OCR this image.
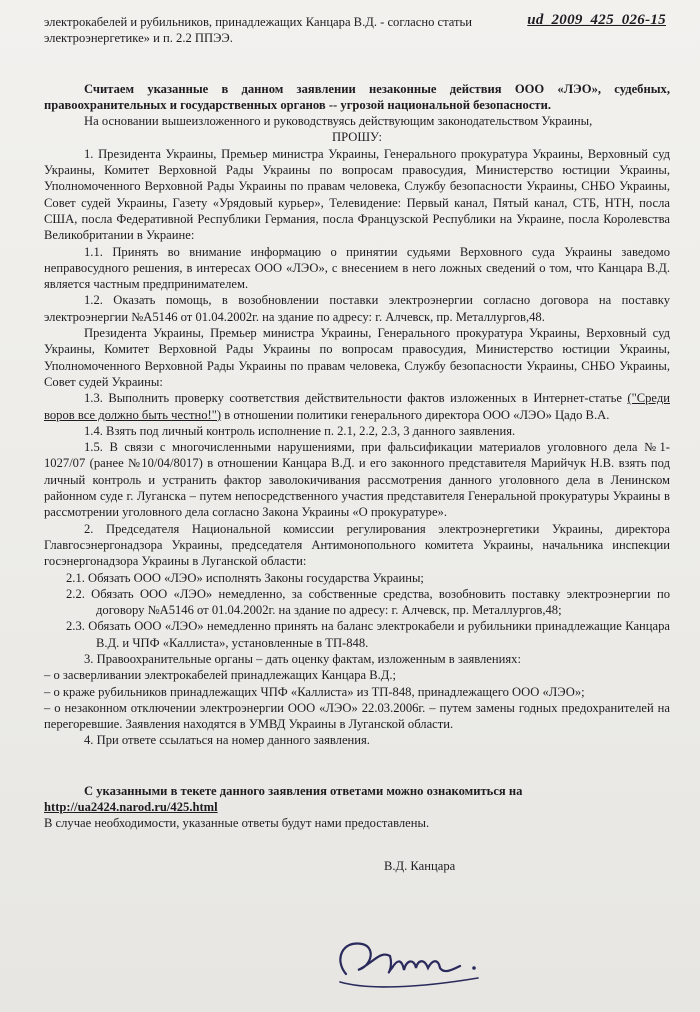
ud_2009_425_026-15

электрокабелей и рубильников, принадлежащих Канцара В.Д. - согласно статьи

электроэнергетике» и п. 2.2 ППЭЭ.

Считаем указанные в данном заявлении незаконные действия ООО «ЛЭО», судебных, правоохранительных и государственных органов -- угрозой национальной безопасности.

На основании вышеизложенного и руководствуясь действующим законодательством Украины,

ПРОШУ:

1. Президента Украины, Премьер министра Украины, Генерального прокуратура Украины, Верховный суд Украины, Комитет Верховной Рады Украины по вопросам правосудия, Министерство юстиции Украины, Уполномоченного Верховной Рады Украины по правам человека, Службу безопасности Украины, СНБО Украины, Совет судей Украины, Газету «Урядовый курьер», Телевидение: Первый канал, Пятый канал, СТБ, НТН, посла США, посла Федеративной Республики Германия, посла Французской Республики на Украине, посла Королевства Великобритании в Украине:

1.1. Принять во внимание информацию о принятии судьями Верховного суда Украины заведомо неправосудного решения, в интересах ООО «ЛЭО», с внесением в него ложных сведений о том, что Канцара В.Д. является частным предпринимателем.

1.2. Оказать помощь, в возобновлении поставки электроэнергии согласно договора на поставку электроэнергии №А5146 от 01.04.2002г. на здание по адресу: г. Алчевск, пр. Металлургов,48.

Президента Украины, Премьер министра Украины, Генерального прокуратура Украины, Верховный суд Украины, Комитет Верховной Рады Украины по вопросам правосудия, Министерство юстиции Украины, Уполномоченного Верховной Рады Украины по правам человека, Службу безопасности Украины, СНБО Украины, Совет судей Украины:

1.3. Выполнить проверку соответствия действительности фактов изложенных в Интернет-статье ("Среди воров все должно быть честно!") в отношении политики генерального директора ООО «ЛЭО» Цадо В.А.

1.4. Взять под личный контроль исполнение п. 2.1, 2.2, 2.3, 3 данного заявления.

1.5. В связи с многочисленными нарушениями, при фальсификации материалов уголовного дела №1-1027/07 (ранее №10/04/8017) в отношении Канцара В.Д. и его законного представителя Марийчук Н.В. взять под личный контроль и устранить фактор заволокичивания рассмотрения данного уголовного дела в Ленинском районном суде г. Луганска – путем непосредственного участия представителя Генеральной прокуратуры Украины в рассмотрении уголовного дела согласно Закона Украины «О прокуратуре».

2. Председателя Национальной комиссии регулирования электроэнергетики Украины, директора Главгосэнергонадзора Украины, председателя Антимонопольного комитета Украины, начальника инспекции госэнергонадзора Украины в Луганской области:

2.1. Обязать ООО «ЛЭО» исполнять Законы государства Украины;

2.2. Обязать ООО «ЛЭО» немедленно, за собственные средства, возобновить поставку электроэнергии по договору №А5146 от 01.04.2002г. на здание по адресу: г. Алчевск, пр. Металлургов,48;

2.3. Обязать ООО «ЛЭО» немедленно принять на баланс электрокабели и рубильники принадлежащие Канцара В.Д. и ЧПФ «Каллиста», установленные в ТП-848.

3. Правоохранительные органы – дать оценку фактам, изложенным в заявлениях:

– о засверливании электрокабелей принадлежащих Канцара В.Д.;

– о краже рубильников принадлежащих ЧПФ «Каллиста» из ТП-848, принадлежащего ООО «ЛЭО»;

– о незаконном отключении электроэнергии ООО «ЛЭО» 22.03.2006г. – путем замены годных предохранителей на перегоревшие. Заявления находятся в УМВД Украины в Луганской области.

4. При ответе ссылаться на номер данного заявления.

С указанными в текете данного заявления ответами можно ознакомиться на

http://ua2424.narod.ru/425.html

В случае необходимости, указанные ответы будут нами предоставлены.

В.Д. Канцара
